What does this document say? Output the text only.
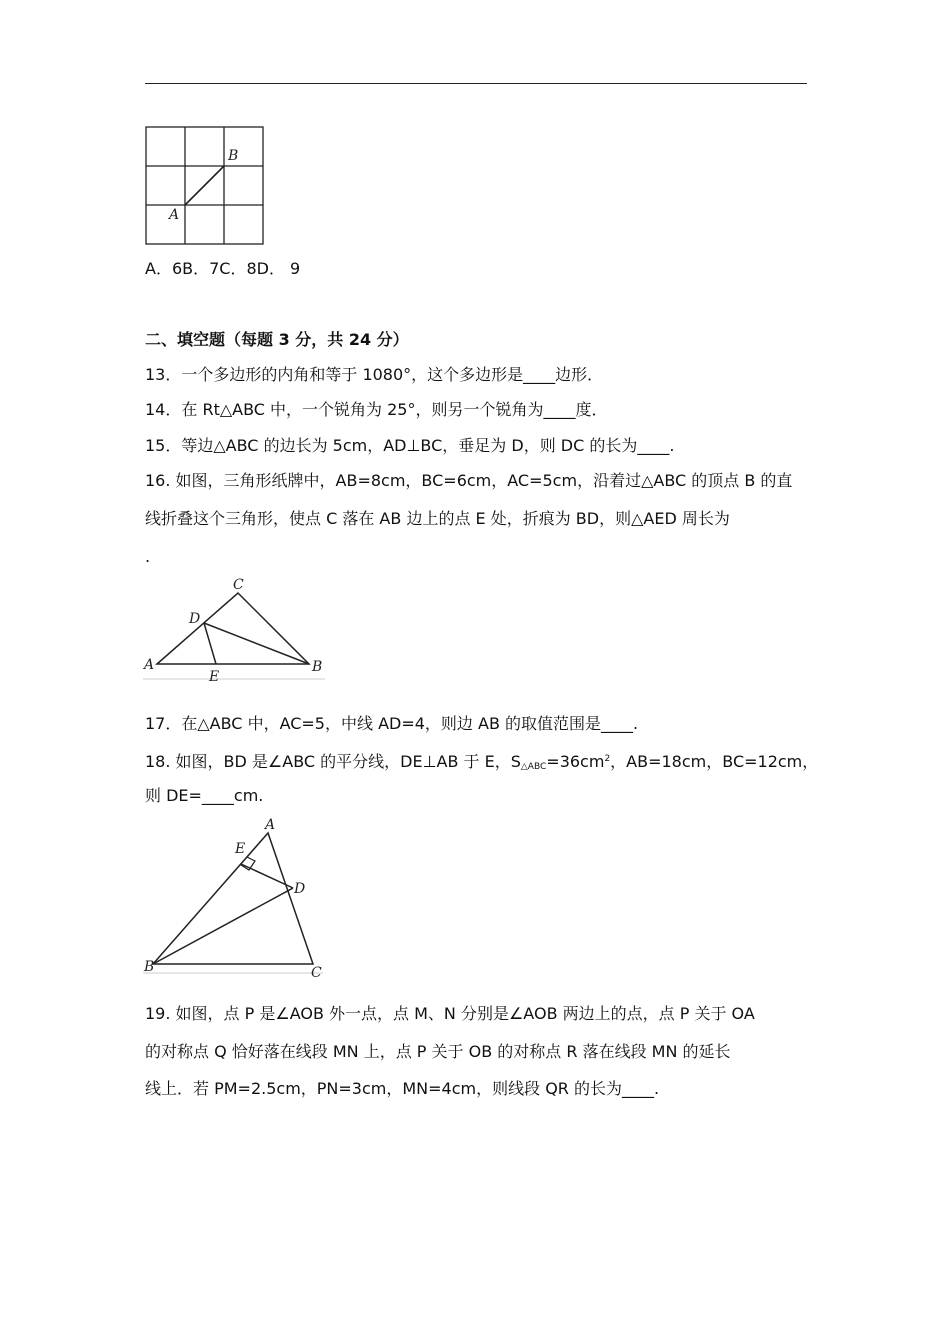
B
A
A．6B．7C．8D． 9
二、填空题（每题 3 分，共 24 分）
13．一个多边形的内角和等于 1080°，这个多边形是____边形．
14．在 Rt△ABC 中，一个锐角为 25°，则另一个锐角为____度．
15．等边△ABC 的边长为 5cm，AD⊥BC，垂足为 D，则 DC 的长为____.
16. 如图，三角形纸牌中，AB=8cm，BC=6cm，AC=5cm，沿着过△ABC 的顶点 B 的直
线折叠这个三角形，使点 C 落在 AB 边上的点 E 处，折痕为 BD，则△AED 周长为
.
C
D
A
E
B
17．在△ABC 中，AC=5，中线 AD=4，则边 AB 的取值范围是____.
18. 如图，BD 是∠ABC 的平分线，DE⊥AB 于 E，$S_{\triangle ABC}=36cm^2$，AB=18cm，BC=12cm，
则 DE=____cm.
A
E
D
B	C
19. 如图，点 P 是∠AOB 外一点，点 M、N 分别是∠AOB 两边上的点，点 P 关于 OA
的对称点 Q 恰好落在线段 MN 上，点 P 关于 OB 的对称点 R 落在线段 MN 的延长
线上．若 PM=2.5cm，PN=3cm，MN=4cm，则线段 QR 的长为____.
